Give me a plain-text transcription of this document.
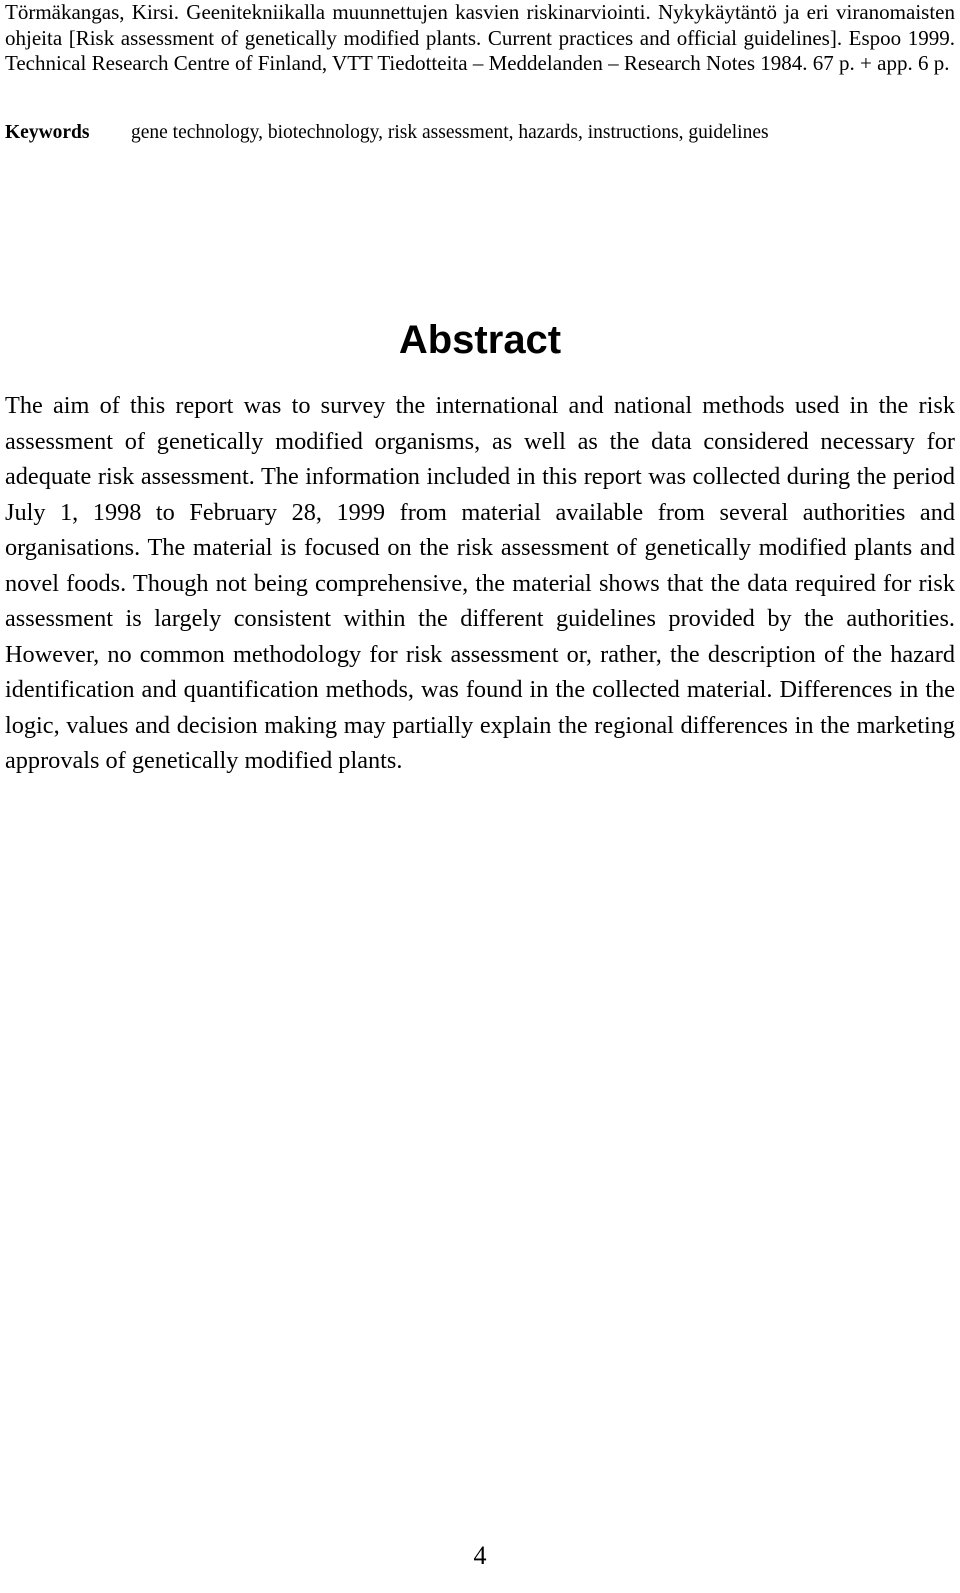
Törmäkangas, Kirsi. Geenitekniikalla muunnettujen kasvien riskinarviointi. Nykykäytäntö ja eri viranomaisten ohjeita [Risk assessment of genetically modified plants. Current practices and official guidelines]. Espoo 1999. Technical Research Centre of Finland, VTT Tiedotteita – Meddelanden – Research Notes 1984. 67 p. + app. 6 p.
Keywords	gene technology, biotechnology, risk assessment, hazards, instructions, guidelines
Abstract

The aim of this report was to survey the international and national methods used in the risk assessment of genetically modified organisms, as well as the data considered necessary for adequate risk assessment. The information included in this report was collected during the period July 1, 1998 to February 28, 1999 from material available from several authorities and organisations. The material is focused on the risk assessment of genetically modified plants and novel foods. Though not being comprehensive, the material shows that the data required for risk assessment is largely consistent within the different guidelines provided by the authorities. However, no common methodology for risk assessment or, rather, the description of the hazard identification and quantification methods, was found in the collected material. Differences in the logic, values and decision making may partially explain the regional differences in the marketing approvals of genetically modified plants.

4
